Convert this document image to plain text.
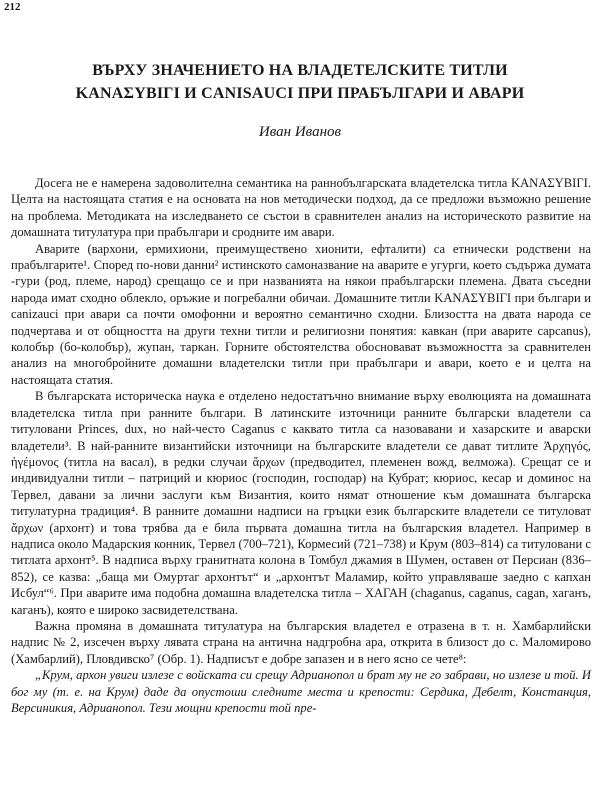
212
ВЪРХУ ЗНАЧЕНИЕТО НА ВЛАДЕТЕЛСКИТЕ ТИТЛИ
ΚΑΝΑΣΥΒΙΓΙ И CANISAUCI ПРИ ПРАБЪЛГАРИ И АВАРИ
Иван Иванов

Досега не е намерена задоволителна семантика на раннобългарската владетелска титла ΚΑΝΑΣΥΒΙΓΙ. Целта на настоящата статия е на основата на нов методически подход, да се предложи възможно решение на проблема. Методиката на изследването се състои в сравнителен анализ на историческото развитие на домашната титулатура при прабългари и сродните им авари.

Аварите (вархони, ермихиони, преимуществено хионити, ефталити) са етнически родствени на прабългарите¹. Според по-нови данни² истинското самоназвание на аварите е угурги, което съдържа думата -гури (род, племе, народ) срещащо се и при названията на някои прабългарски племена. Двата съседни народа имат сходно облекло, оръжие и погребални обичаи. Домашните титли ΚΑΝΑΣΥΒΙΓΙ при българи и canizauci при авари са почти омофонни и вероятно семантично сходни. Близостта на двата народа се подчертава и от общността на други техни титли и религиозни понятия: кавкан (при аварите capcanus), колобър (бо-колобър), жупан, таркан. Горните обстоятелства обосновават възможността за сравнителен анализ на многобройните домашни владетелски титли при прабългари и авари, което е и целта на настоящата статия.

В българската историческа наука е отделено недостатъчно внимание върху еволюцията на домашната владетелска титла при ранните българи. В латинските източници ранните български владетели са титуловани Princes, dux, но най-често Caganus с каквато титла са назовавани и хазарските и аварски владетели³. В най-ранните византийски източници на българските владетели се дават титлите Ἀρχηγός, ἡγέμονος (титла на васал), в редки случаи ἄρχων (предводител, племенен вожд, велможа). Срещат се и индивидуални титли – патриций и кюриос (господин, господар) на Кубрат; кюриос, кесар и доминос на Тервел, давани за лични заслуги към Византия, които нямат отношение към домашната българска титулатурна традиция⁴. В ранните домашни надписи на гръцки език българските владетели се титуловат ἄρχων (архонт) и това трябва да е била първата домашна титла на българския владетел. Например в надписа около Мадарския конник, Тервел (700–721), Кормесий (721–738) и Крум (803–814) са титуловани с титлата архонт⁵. В надписа върху гранитната колона в Томбул джамия в Шумен, оставен от Персиан (836–852), се казва: „баща ми Омуртаг архонтът“ и „архонтът Маламир, който управляваше заедно с капхан Исбул“⁶. При аварите има подобна домашна владетелска титла – ХАГАН (chaganus, caganus, cagan, хаганъ, каганъ), която е широко засвидетелствана.

Важна промяна в домашната титулатура на българския владетел е отразена в т. н. Хамбарлийски надпис № 2, изсечен върху лявата страна на антична надгробна ара, открита в близост до с. Маломирово (Хамбарлий), Пловдивско⁷ (Обр. 1). Надписът е добре запазен и в него ясно се чете⁸:

„Крум, архон увиги излезе с войската си срещу Адрианопол и брат му не го забрави, но излезе и той. И бог му (т. е. на Крум) даде да опустоши следните места и крепости: Сердика, Дебелт, Констанция, Версиникия, Адрианопол. Тези мощни крепости той пре-
